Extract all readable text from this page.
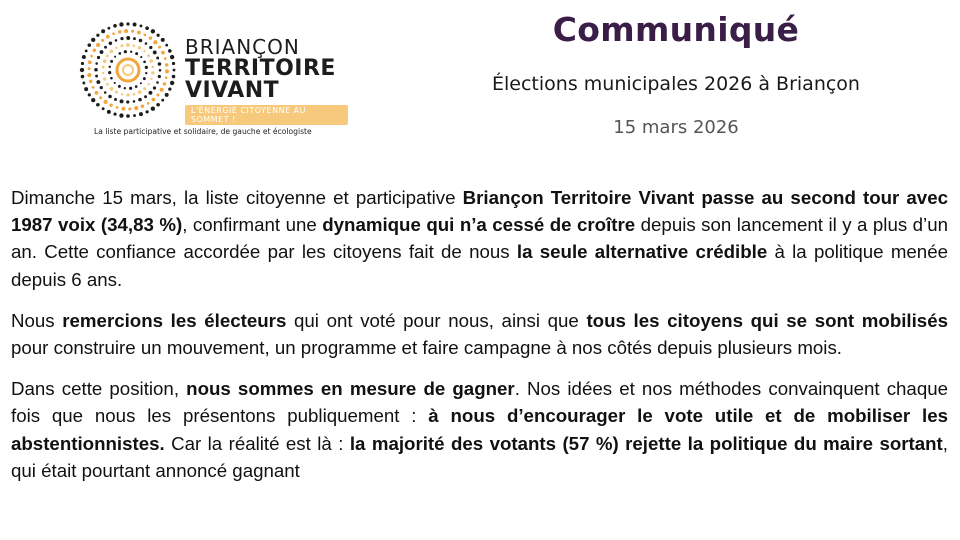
BRIANÇON
TERRITOIRE
VIVANT
L'ÉNERGIE CITOYENNE AU SOMMET !
La liste participative et solidaire, de gauche et écologiste
Communiqué
Élections municipales 2026 à Briançon
15 mars 2026

Dimanche 15 mars, la liste citoyenne et participative Briançon Territoire Vivant passe au second tour avec 1987 voix (34,83 %), confirmant une dynamique qui n’a cessé de croître depuis son lancement il y a plus d’un an. Cette confiance accordée par les citoyens fait de nous la seule alternative crédible à la politique menée depuis 6 ans.

Nous remercions les électeurs qui ont voté pour nous, ainsi que tous les citoyens qui se sont mobilisés pour construire un mouvement, un programme et faire campagne à nos côtés depuis plusieurs mois.

Dans cette position, nous sommes en mesure de gagner. Nos idées et nos méthodes convainquent chaque fois que nous les présentons publiquement : à nous d’encourager le vote utile et de mobiliser les abstentionnistes. Car la réalité est là : la majorité des votants (57 %) rejette la politique du maire sortant, qui était pourtant annoncé gagnant
